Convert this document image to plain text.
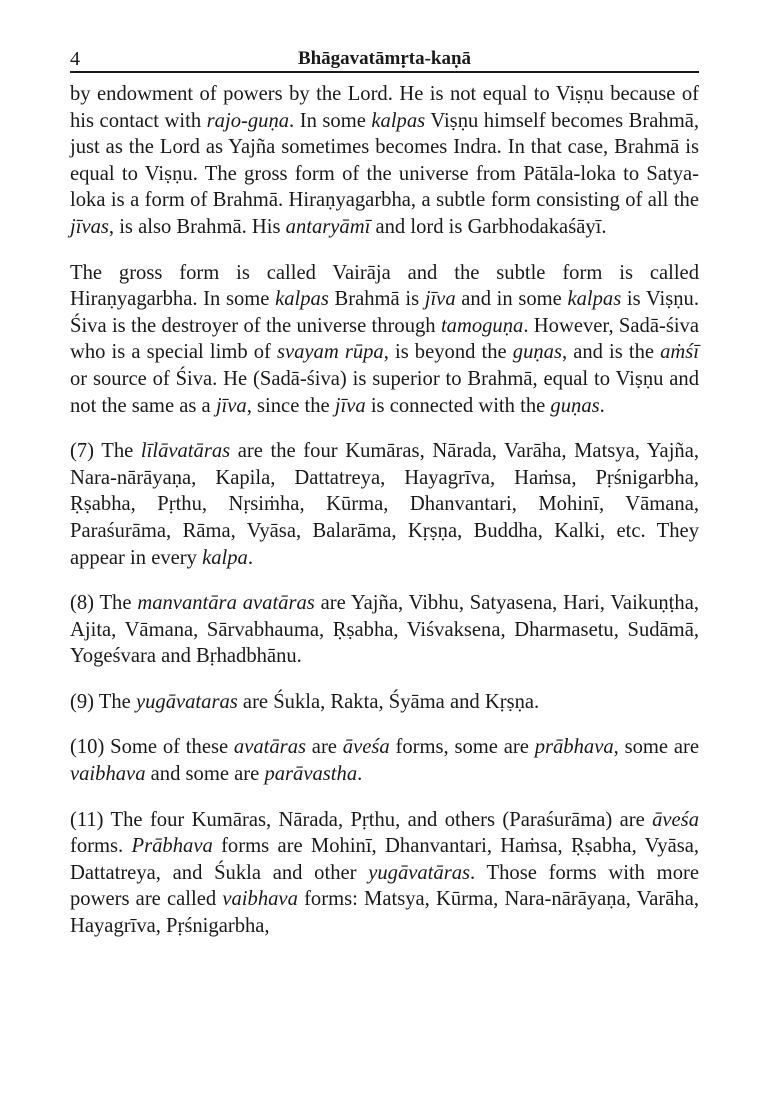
4	Bhāgavatāmṛta-kaṇā

by endowment of powers by the Lord. He is not equal to Viṣṇu because of his contact with rajo-guṇa. In some kalpas Viṣṇu himself becomes Brahmā, just as the Lord as Yajña sometimes becomes Indra. In that case, Brahmā is equal to Viṣṇu. The gross form of the universe from Pātāla-loka to Satya-loka is a form of Brahmā. Hiraṇyagarbha, a subtle form consisting of all the jīvas, is also Brahmā. His antaryāmī and lord is Garbhodakaśāyī.

The gross form is called Vairāja and the subtle form is called Hiraṇyagarbha. In some kalpas Brahmā is jīva and in some kalpas is Viṣṇu. Śiva is the destroyer of the universe through tamoguṇa. However, Sadā-śiva who is a special limb of svayam rūpa, is beyond the guṇas, and is the aṁśī or source of Śiva. He (Sadā-śiva) is superior to Brahmā, equal to Viṣṇu and not the same as a jīva, since the jīva is connected with the guṇas.

(7) The līlāvatāras are the four Kumāras, Nārada, Varāha, Matsya, Yajña, Nara-nārāyaṇa, Kapila, Dattatreya, Hayagrīva, Haṁsa, Pṛśnigarbha, Ṛṣabha, Pṛthu, Nṛsiṁha, Kūrma, Dhanvantari, Mohinī, Vāmana, Paraśurāma, Rāma, Vyāsa, Balarāma, Kṛṣṇa, Buddha, Kalki, etc. They appear in every kalpa.

(8) The manvantāra avatāras are Yajña, Vibhu, Satyasena, Hari, Vaikuṇṭha, Ajita, Vāmana, Sārvabhauma, Ṛṣabha, Viśvaksena, Dharmasetu, Sudāmā, Yogeśvara and Bṛhadbhānu.

(9) The yugāvataras are Śukla, Rakta, Śyāma and Kṛṣṇa.

(10) Some of these avatāras are āveśa forms, some are prābhava, some are vaibhava and some are parāvastha.

(11) The four Kumāras, Nārada, Pṛthu, and others (Paraśurāma) are āveśa forms. Prābhava forms are Mohinī, Dhanvantari, Haṁsa, Ṛṣabha, Vyāsa, Dattatreya, and Śukla and other yugāvatāras. Those forms with more powers are called vaibhava forms: Matsya, Kūrma, Nara-nārāyaṇa, Varāha, Hayagrīva, Pṛśnigarbha,
